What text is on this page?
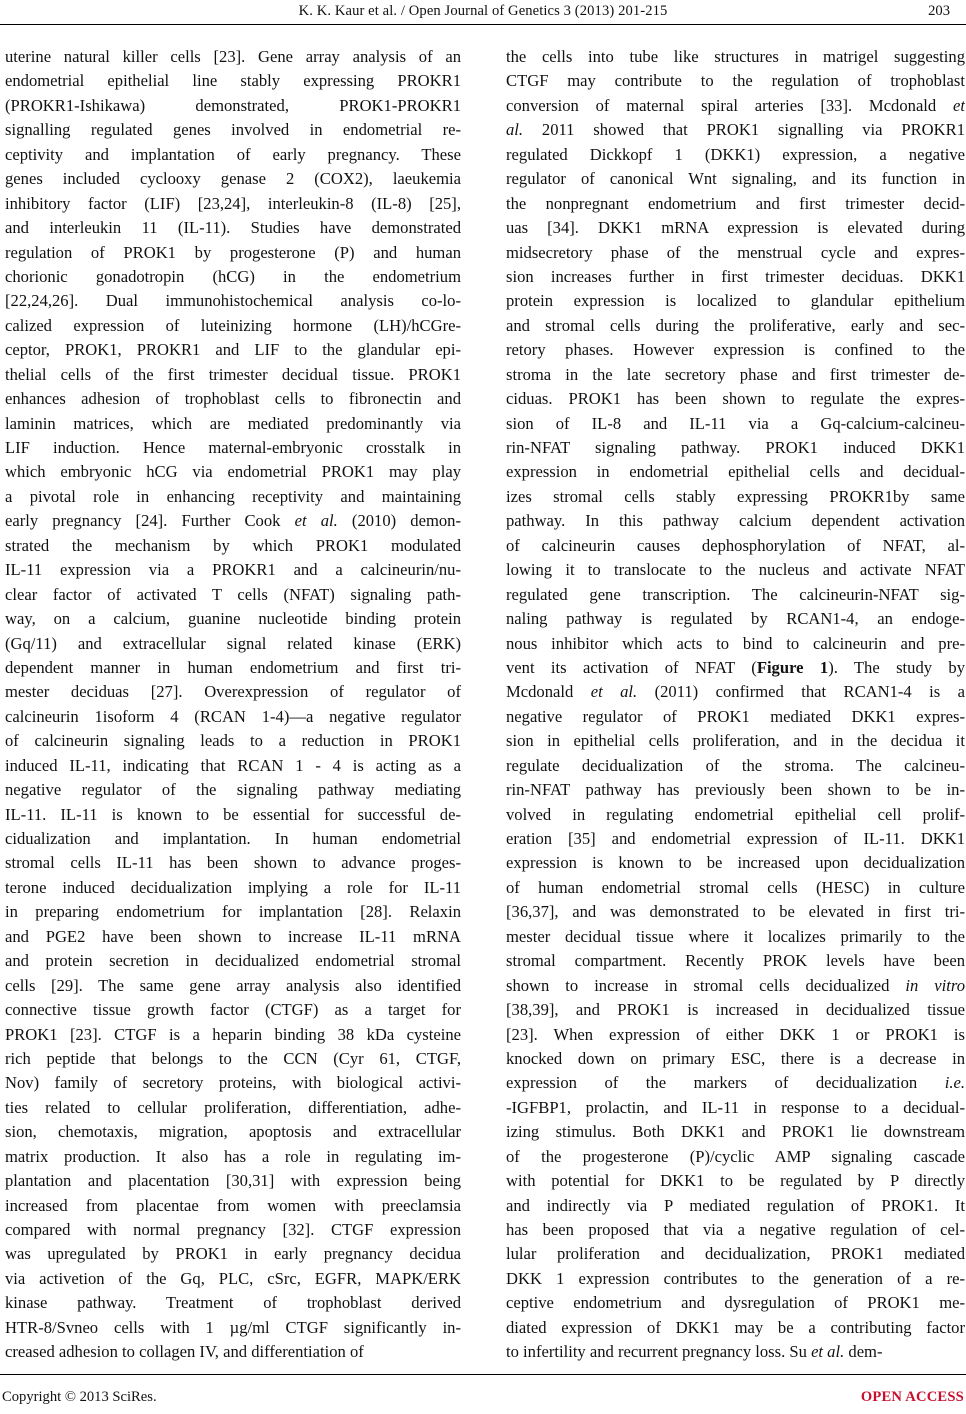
K. K. Kaur et al. / Open Journal of Genetics 3 (2013) 201-215	203
uterine natural killer cells [23]. Gene array analysis of an
endometrial epithelial line stably expressing PROKR1
(PROKR1-Ishikawa) demonstrated, PROK1-PROKR1
signalling regulated genes involved in endometrial re-
ceptivity and implantation of early pregnancy. These
genes included cyclooxy genase 2 (COX2), laeukemia
inhibitory factor (LIF) [23,24], interleukin-8 (IL-8) [25],
and interleukin 11 (IL-11). Studies have demonstrated
regulation of PROK1 by progesterone (P) and human
chorionic gonadotropin (hCG) in the endometrium
[22,24,26]. Dual immunohistochemical analysis co-lo-
calized expression of luteinizing hormone (LH)/hCGre-
ceptor, PROK1, PROKR1 and LIF to the glandular epi-
thelial cells of the first trimester decidual tissue. PROK1
enhances adhesion of trophoblast cells to fibronectin and
laminin matrices, which are mediated predominantly via
LIF induction. Hence maternal-embryonic crosstalk in
which embryonic hCG via endometrial PROK1 may play
a pivotal role in enhancing receptivity and maintaining
early pregnancy [24]. Further Cook et al. (2010) demon-
strated the mechanism by which PROK1 modulated
IL-11 expression via a PROKR1 and a calcineurin/nu-
clear factor of activated T cells (NFAT) signaling path-
way, on a calcium, guanine nucleotide binding protein
(Gq/11) and extracellular signal related kinase (ERK)
dependent manner in human endometrium and first tri-
mester deciduas [27]. Overexpression of regulator of
calcineurin 1isoform 4 (RCAN 1-4)—a negative regulator
of calcineurin signaling leads to a reduction in PROK1
induced IL-11, indicating that RCAN 1 - 4 is acting as a
negative regulator of the signaling pathway mediating
IL-11. IL-11 is known to be essential for successful de-
cidualization and implantation. In human endometrial
stromal cells IL-11 has been shown to advance proges-
terone induced decidualization implying a role for IL-11
in preparing endometrium for implantation [28]. Relaxin
and PGE2 have been shown to increase IL-11 mRNA
and protein secretion in decidualized endometrial stromal
cells [29]. The same gene array analysis also identified
connective tissue growth factor (CTGF) as a target for
PROK1 [23]. CTGF is a heparin binding 38 kDa cysteine
rich peptide that belongs to the CCN (Cyr 61, CTGF,
Nov) family of secretory proteins, with biological activi-
ties related to cellular proliferation, differentiation, adhe-
sion, chemotaxis, migration, apoptosis and extracellular
matrix production. It also has a role in regulating im-
plantation and placentation [30,31] with expression being
increased from placentae from women with preeclamsia
compared with normal pregnancy [32]. CTGF expression
was upregulated by PROK1 in early pregnancy decidua
via activetion of the Gq, PLC, cSrc, EGFR, MAPK/ERK
kinase pathway. Treatment of trophoblast derived
HTR-8/Svneo cells with 1 µg/ml CTGF significantly in-
creased adhesion to collagen IV, and differentiation of
the cells into tube like structures in matrigel suggesting
CTGF may contribute to the regulation of trophoblast
conversion of maternal spiral arteries [33]. Mcdonald et
al. 2011 showed that PROK1 signalling via PROKR1
regulated Dickkopf 1 (DKK1) expression, a negative
regulator of canonical Wnt signaling, and its function in
the nonpregnant endometrium and first trimester decid-
uas [34]. DKK1 mRNA expression is elevated during
midsecretory phase of the menstrual cycle and expres-
sion increases further in first trimester deciduas. DKK1
protein expression is localized to glandular epithelium
and stromal cells during the proliferative, early and sec-
retory phases. However expression is confined to the
stroma in the late secretory phase and first trimester de-
ciduas. PROK1 has been shown to regulate the expres-
sion of IL-8 and IL-11 via a Gq-calcium-calcineu-
rin-NFAT signaling pathway. PROK1 induced DKK1
expression in endometrial epithelial cells and decidual-
izes stromal cells stably expressing PROKR1by same
pathway. In this pathway calcium dependent activation
of calcineurin causes dephosphorylation of NFAT, al-
lowing it to translocate to the nucleus and activate NFAT
regulated gene transcription. The calcineurin-NFAT sig-
naling pathway is regulated by RCAN1-4, an endoge-
nous inhibitor which acts to bind to calcineurin and pre-
vent its activation of NFAT (Figure 1). The study by
Mcdonald et al. (2011) confirmed that RCAN1-4 is a
negative regulator of PROK1 mediated DKK1 expres-
sion in epithelial cells proliferation, and in the decidua it
regulate decidualization of the stroma. The calcineu-
rin-NFAT pathway has previously been shown to be in-
volved in regulating endometrial epithelial cell prolif-
eration [35] and endometrial expression of IL-11. DKK1
expression is known to be increased upon decidualization
of human endometrial stromal cells (HESC) in culture
[36,37], and was demonstrated to be elevated in first tri-
mester decidual tissue where it localizes primarily to the
stromal compartment. Recently PROK levels have been
shown to increase in stromal cells decidualized in vitro
[38,39], and PROK1 is increased in decidualized tissue
[23]. When expression of either DKK 1 or PROK1 is
knocked down on primary ESC, there is a decrease in
expression of the markers of decidualization i.e.
-IGFBP1, prolactin, and IL-11 in response to a decidual-
izing stimulus. Both DKK1 and PROK1 lie downstream
of the progesterone (P)/cyclic AMP signaling cascade
with potential for DKK1 to be regulated by P directly
and indirectly via P mediated regulation of PROK1. It
has been proposed that via a negative regulation of cel-
lular proliferation and decidualization, PROK1 mediated
DKK 1 expression contributes to the generation of a re-
ceptive endometrium and dysregulation of PROK1 me-
diated expression of DKK1 may be a contributing factor
to infertility and recurrent pregnancy loss. Su et al. dem-
Copyright © 2013 SciRes.	OPEN ACCESS
